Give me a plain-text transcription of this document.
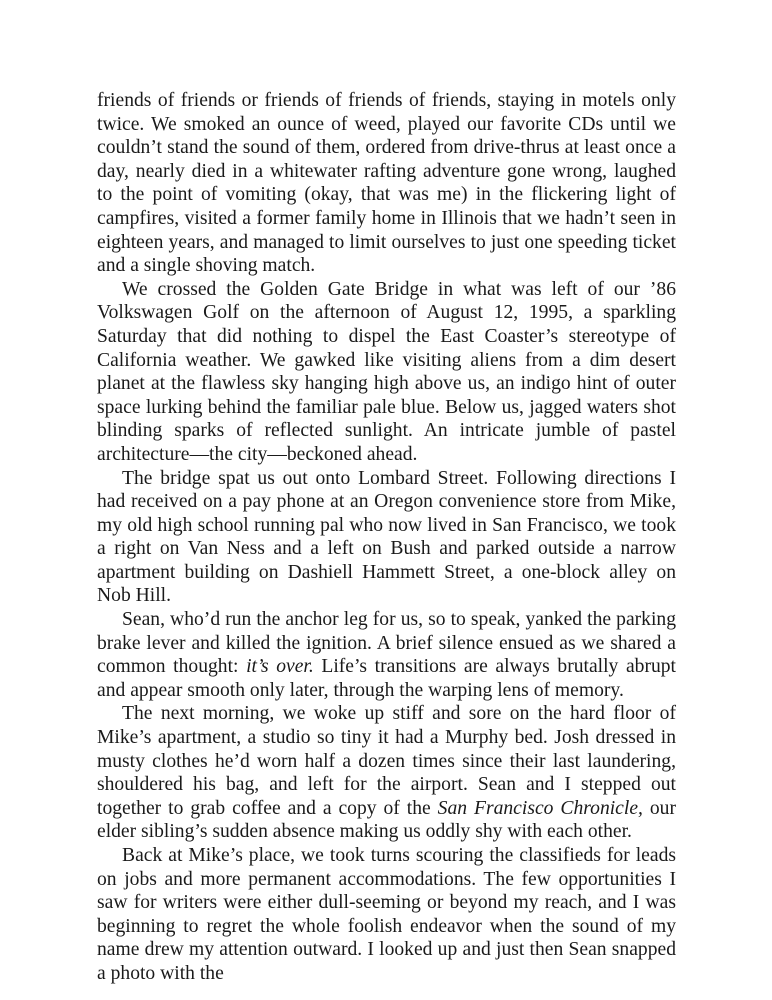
friends of friends or friends of friends of friends, staying in motels only twice. We smoked an ounce of weed, played our favorite CDs until we couldn’t stand the sound of them, ordered from drive-thrus at least once a day, nearly died in a whitewater rafting adventure gone wrong, laughed to the point of vomiting (okay, that was me) in the flickering light of campfires, visited a former family home in Illinois that we hadn’t seen in eighteen years, and managed to limit ourselves to just one speeding ticket and a single shoving match.

We crossed the Golden Gate Bridge in what was left of our ’86 Volkswagen Golf on the afternoon of August 12, 1995, a sparkling Saturday that did nothing to dispel the East Coaster’s stereotype of California weather. We gawked like visiting aliens from a dim desert planet at the flawless sky hanging high above us, an indigo hint of outer space lurking behind the familiar pale blue. Below us, jagged waters shot blinding sparks of reflected sunlight. An intricate jumble of pastel architecture—the city—beckoned ahead.

The bridge spat us out onto Lombard Street. Following directions I had received on a pay phone at an Oregon convenience store from Mike, my old high school running pal who now lived in San Francisco, we took a right on Van Ness and a left on Bush and parked outside a narrow apartment building on Dashiell Hammett Street, a one-block alley on Nob Hill.

Sean, who’d run the anchor leg for us, so to speak, yanked the parking brake lever and killed the ignition. A brief silence ensued as we shared a common thought: it’s over. Life’s transitions are always brutally abrupt and appear smooth only later, through the warping lens of memory.

The next morning, we woke up stiff and sore on the hard floor of Mike’s apartment, a studio so tiny it had a Murphy bed. Josh dressed in musty clothes he’d worn half a dozen times since their last laundering, shouldered his bag, and left for the airport. Sean and I stepped out together to grab coffee and a copy of the San Francisco Chronicle, our elder sibling’s sudden absence making us oddly shy with each other.

Back at Mike’s place, we took turns scouring the classifieds for leads on jobs and more permanent accommodations. The few opportunities I saw for writers were either dull-seeming or beyond my reach, and I was beginning to regret the whole foolish endeavor when the sound of my name drew my attention outward. I looked up and just then Sean snapped a photo with the
